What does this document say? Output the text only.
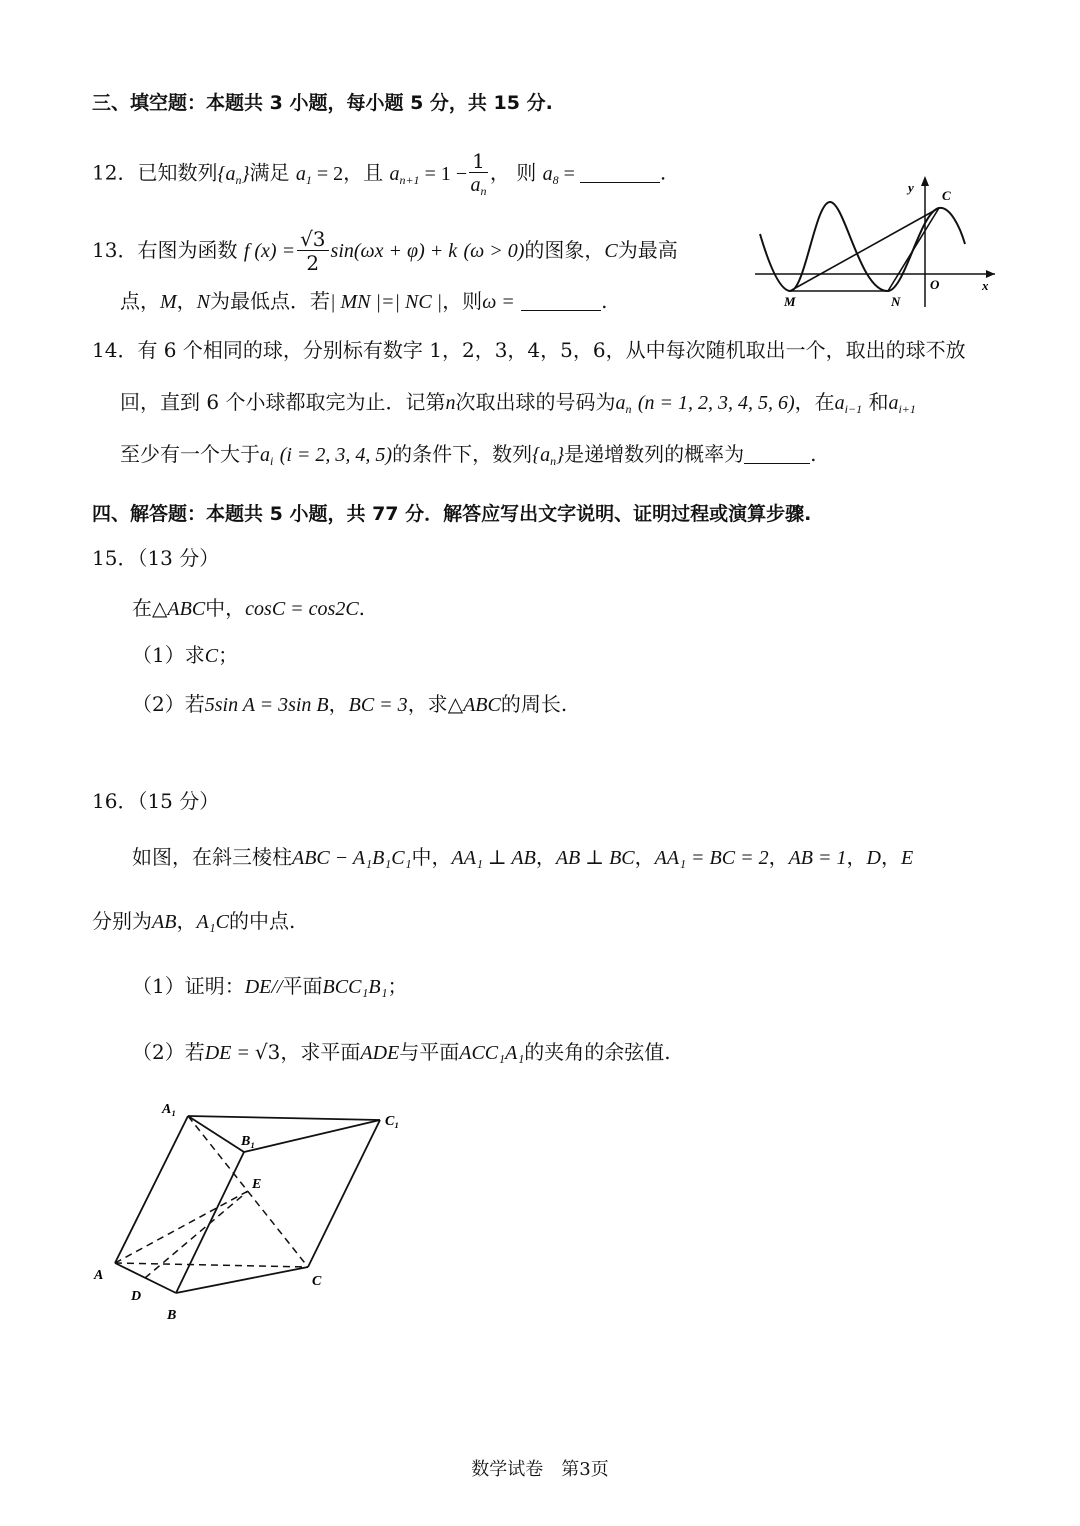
三、填空题：本题共 3 小题，每小题 5 分，共 15 分.
12．已知数列$\{a_n\}$满足 $a_1 = 2$，且 $a_{n+1} = 1 - \frac{1}{a_n}$ ， 则 $a_8$ =	.
13．右图为函数 f $(x) = \frac{√3}{2} \sin(\omega x + \varphi) + k$ (ω > 0)的图象，C为最高
点，M，N为最低点．若| MN |=| NC |，则ω =	.
y
C
O	x
M	N
14．有 6 个相同的球，分别标有数字 1，2，3，4，5，6，从中每次随机取出一个，取出的球不放
回，直到 6 个小球都取完为止．记第n次取出球的号码为$a_n$ (n = 1, 2, 3, 4, 5, 6)，在$a_{i-1}$ 和$a_{i+1}$
至少有一个大于$a_i$ (i = 2, 3, 4, 5)的条件下，数列$\{a_n\}$是递增数列的概率为	.
四、解答题：本题共 5 小题，共 77 分．解答应写出文字说明、证明过程或演算步骤.
15．（13 分）
在△ABC中，cosC = cos2C.
（1）求C；
（2）若5sin A = 3sin B，BC = 3，求△ABC的周长.
16．（15 分）
如图，在斜三棱柱ABC − A₁B₁C₁中，AA₁ ⊥ AB，AB ⊥ BC，AA₁ = BC = 2，AB = 1，D，E
分别为AB，A₁C的中点.
（1）证明：DE//平面BCC₁B₁；
（2）若DE = √3，求平面ADE与平面ACC₁A₁的夹角的余弦值.
A₁
B₁
C₁
E
A
D
B
C
数学试卷　第3页
